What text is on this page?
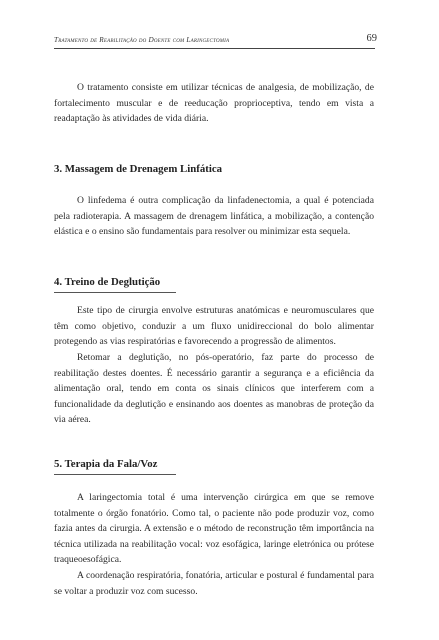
Tratamento de Reabilitação do Doente com Laringectomia	69

O tratamento consiste em utilizar técnicas de analgesia, de mobilização, de fortalecimento muscular e de reeducação proprioceptiva, tendo em vista a readaptação às atividades de vida diária.

3. Massagem de Drenagem Linfática

O linfedema é outra complicação da linfadenectomia, a qual é potenciada pela radioterapia. A massagem de drenagem linfática, a mobilização, a contenção elástica e o ensino são fundamentais para resolver ou minimizar esta sequela.

4. Treino de Deglutição

Este tipo de cirurgia envolve estruturas anatómicas e neuromusculares que têm como objetivo, conduzir a um fluxo unidireccional do bolo alimentar protegendo as vias respiratórias e favorecendo a progressão de alimentos.

Retomar a deglutição, no pós-operatório, faz parte do processo de reabilitação destes doentes. É necessário garantir a segurança e a eficiência da alimentação oral, tendo em conta os sinais clínicos que interferem com a funcionalidade da deglutição e ensinando aos doentes as manobras de proteção da via aérea.

5. Terapia da Fala/Voz

A laringectomia total é uma intervenção cirúrgica em que se remove totalmente o órgão fonatório. Como tal, o paciente não pode produzir voz, como fazia antes da cirurgia. A extensão e o método de reconstrução têm importância na técnica utilizada na reabilitação vocal: voz esofágica, laringe eletrónica ou prótese traqueoesofágica.

A coordenação respiratória, fonatória, articular e postural é fundamental para se voltar a produzir voz com sucesso.
